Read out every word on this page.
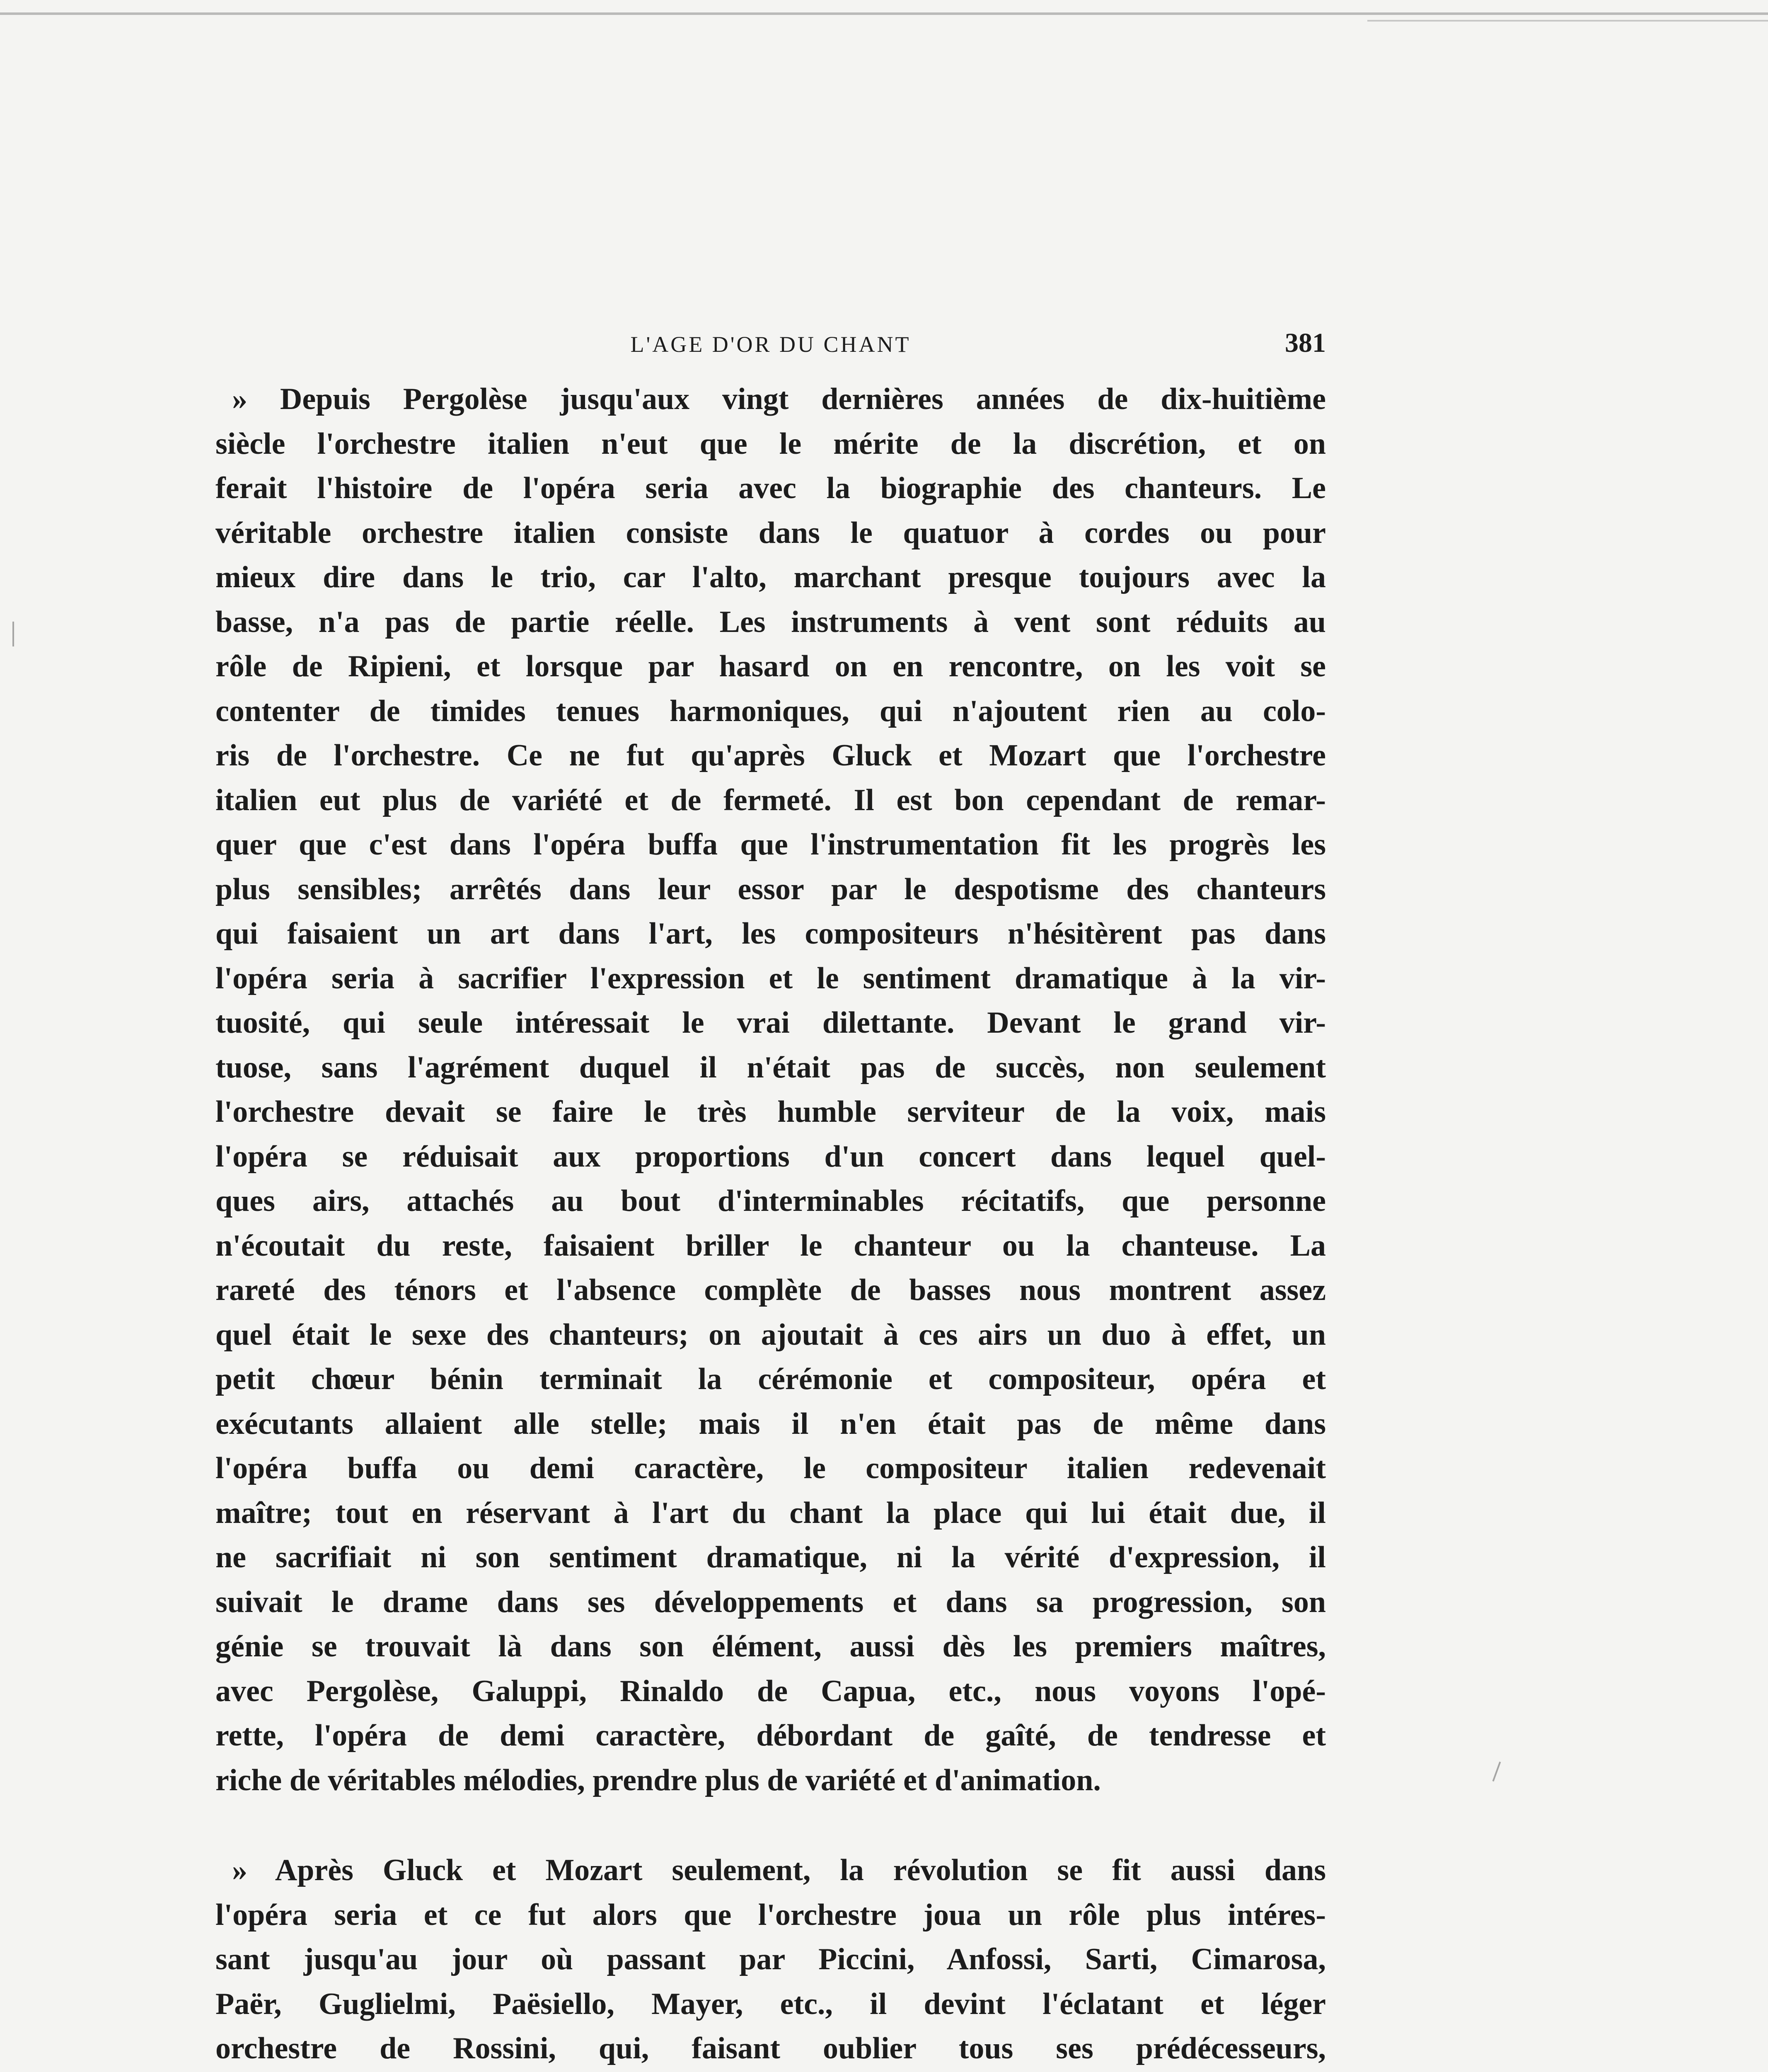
L'AGE D'OR DU CHANT	381

» Depuis Pergolèse jusqu'aux vingt dernières années de dix-huitième
siècle l'orchestre italien n'eut que le mérite de la discrétion, et on
ferait l'histoire de l'opéra seria avec la biographie des chanteurs. Le
véritable orchestre italien consiste dans le quatuor à cordes ou pour
mieux dire dans le trio, car l'alto, marchant presque toujours avec la
basse, n'a pas de partie réelle. Les instruments à vent sont réduits au
rôle de Ripieni, et lorsque par hasard on en rencontre, on les voit se
contenter de timides tenues harmoniques, qui n'ajoutent rien au colo-
ris de l'orchestre. Ce ne fut qu'après Gluck et Mozart que l'orchestre
italien eut plus de variété et de fermeté. Il est bon cependant de remar-
quer que c'est dans l'opéra buffa que l'instrumentation fit les progrès les
plus sensibles; arrêtés dans leur essor par le despotisme des chanteurs
qui faisaient un art dans l'art, les compositeurs n'hésitèrent pas dans
l'opéra seria à sacrifier l'expression et le sentiment dramatique à la vir-
tuosité, qui seule intéressait le vrai dilettante. Devant le grand vir-
tuose, sans l'agrément duquel il n'était pas de succès, non seulement
l'orchestre devait se faire le très humble serviteur de la voix, mais
l'opéra se réduisait aux proportions d'un concert dans lequel quel-
ques airs, attachés au bout d'interminables récitatifs, que personne
n'écoutait du reste, faisaient briller le chanteur ou la chanteuse. La
rareté des ténors et l'absence complète de basses nous montrent assez
quel était le sexe des chanteurs; on ajoutait à ces airs un duo à effet, un
petit chœur bénin terminait la cérémonie et compositeur, opéra et
exécutants allaient alle stelle; mais il n'en était pas de même dans
l'opéra buffa ou demi caractère, le compositeur italien redevenait
maître; tout en réservant à l'art du chant la place qui lui était due, il
ne sacrifiait ni son sentiment dramatique, ni la vérité d'expression, il
suivait le drame dans ses développements et dans sa progression, son
génie se trouvait là dans son élément, aussi dès les premiers maîtres,
avec Pergolèse, Galuppi, Rinaldo de Capua, etc., nous voyons l'opé-
rette, l'opéra de demi caractère, débordant de gaîté, de tendresse et
riche de véritables mélodies, prendre plus de variété et d'animation.

» Après Gluck et Mozart seulement, la révolution se fit aussi dans
l'opéra seria et ce fut alors que l'orchestre joua un rôle plus intéres-
sant jusqu'au jour où passant par Piccini, Anfossi, Sarti, Cimarosa,
Paër, Guglielmi, Paësiello, Mayer, etc., il devint l'éclatant et léger
orchestre de Rossini, qui, faisant oublier tous ses prédécesseurs,
